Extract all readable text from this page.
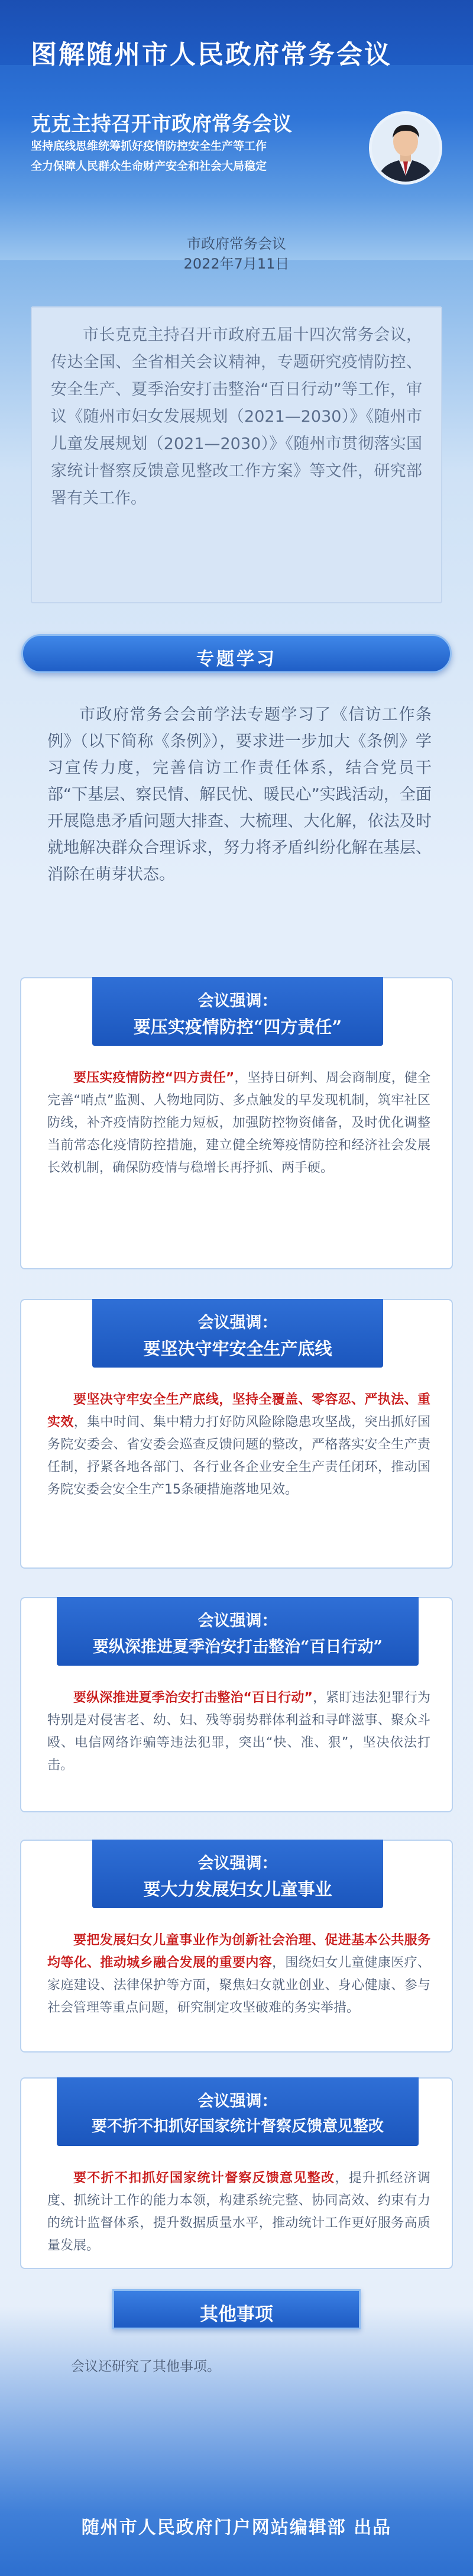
图解随州市人民政府常务会议
克克主持召开市政府常务会议
坚持底线思维统筹抓好疫情防控安全生产等工作
全力保障人民群众生命财产安全和社会大局稳定
市政府常务会议
2022年7月11日
市长克克主持召开市政府五届十四次常务会议，传达全国、全省相关会议精神，专题研究疫情防控、安全生产、夏季治安打击整治“百日行动”等工作，审议《随州市妇女发展规划（2021—2030）》《随州市儿童发展规划（2021—2030）》《随州市贯彻落实国家统计督察反馈意见整改工作方案》等文件，研究部署有关工作。
专题学习
市政府常务会会前学法专题学习了《信访工作条例》（以下简称《条例》），要求进一步加大《条例》学习宣传力度，完善信访工作责任体系，结合党员干部“下基层、察民情、解民忧、暖民心”实践活动，全面开展隐患矛盾问题大排查、大梳理、大化解，依法及时就地解决群众合理诉求，努力将矛盾纠纷化解在基层、消除在萌芽状态。
会议强调：
要压实疫情防控“四方责任”
要压实疫情防控“四方责任”，坚持日研判、周会商制度，健全完善“哨点”监测、人物地同防、多点触发的早发现机制，筑牢社区防线，补齐疫情防控能力短板，加强防控物资储备，及时优化调整当前常态化疫情防控措施，建立健全统筹疫情防控和经济社会发展长效机制，确保防疫情与稳增长再抒抓、两手硬。
会议强调：
要坚决守牢安全生产底线
要坚决守牢安全生产底线，坚持全覆盖、零容忍、严执法、重实效，集中时间、集中精力打好防风险除隐患攻坚战，突出抓好国务院安委会、省安委会巡查反馈问题的整改，严格落实安全生产责任制，抒紧各地各部门、各行业各企业安全生产责任闭环，推动国务院安委会安全生产15条硬措施落地见效。
会议强调：
要纵深推进夏季治安打击整治“百日行动”
要纵深推进夏季治安打击整治“百日行动”，紧盯违法犯罪行为特别是对侵害老、幼、妇、残等弱势群体利益和寻衅滋事、聚众斗殴、电信网络诈骗等违法犯罪，突出“快、准、狠”，坚决依法打击。
会议强调：
要大力发展妇女儿童事业
要把发展妇女儿童事业作为创新社会治理、促进基本公共服务均等化、推动城乡融合发展的重要内容，围绕妇女儿童健康医疗、家庭建设、法律保护等方面，聚焦妇女就业创业、身心健康、参与社会管理等重点问题，研究制定攻坚破难的务实举措。
会议强调：
要不折不扣抓好国家统计督察反馈意见整改
要不折不扣抓好国家统计督察反馈意见整改，提升抓经济调度、抓统计工作的能力本领，构建系统完整、协同高效、约束有力的统计监督体系，提升数据质量水平，推动统计工作更好服务高质量发展。
其他事项
会议还研究了其他事项。
随州市人民政府门户网站编辑部 出品
